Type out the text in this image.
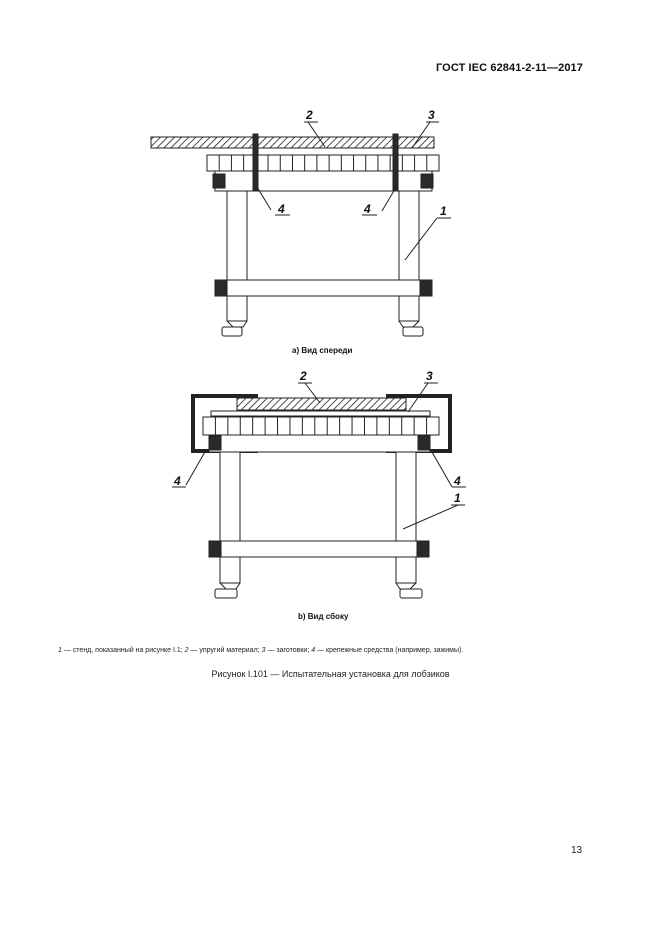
ГОСТ IEC 62841-2-11—2017
2	3
4	4	1
a) Вид спереди
2	3
4	4
1
b) Вид сбоку
1 — стенд, показанный на рисунке I.1; 2 — упругий материал; 3 — заготовки; 4 — крепежные средства (например, зажимы).
Рисунок I.101 — Испытательная установка для лобзиков
13
